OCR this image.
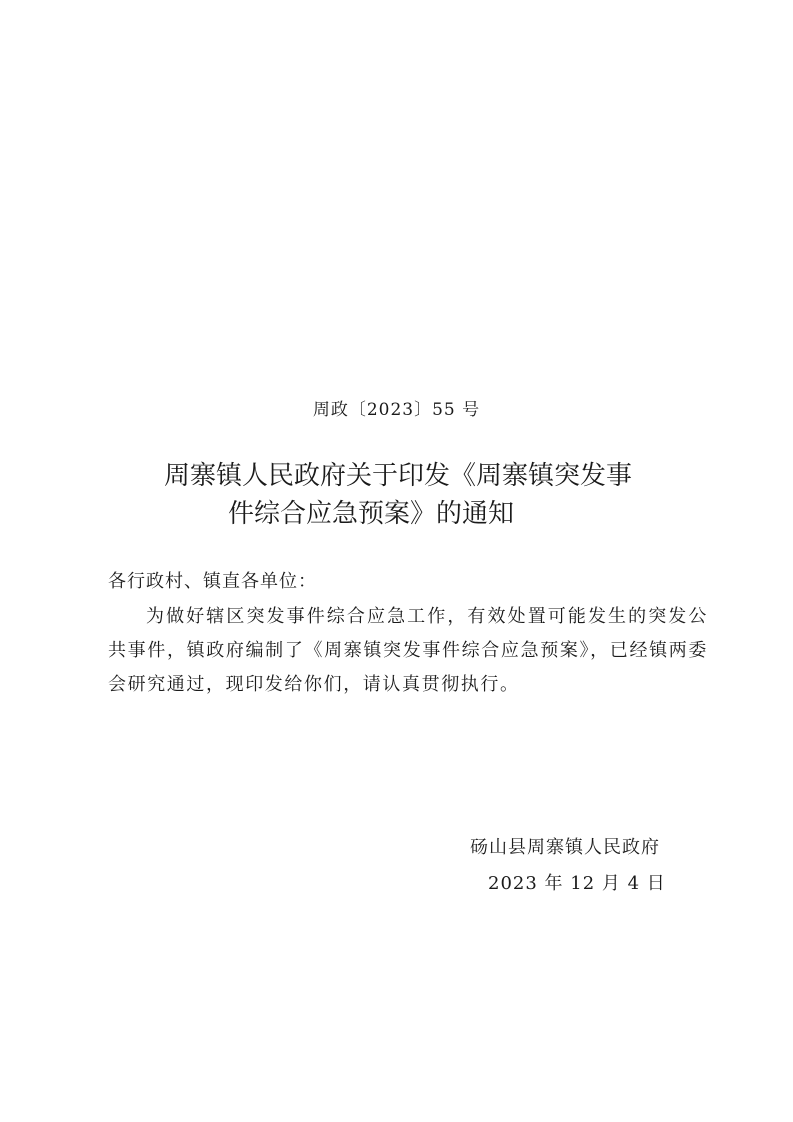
周政〔2023〕55 号
周寨镇人民政府关于印发《周寨镇突发事
件综合应急预案》的通知
各行政村、镇直各单位：
为做好辖区突发事件综合应急工作，有效处置可能发生的突发公共事件，镇政府编制了《周寨镇突发事件综合应急预案》，已经镇两委会研究通过，现印发给你们，请认真贯彻执行。
砀山县周寨镇人民政府
2023 年 12 月 4 日
